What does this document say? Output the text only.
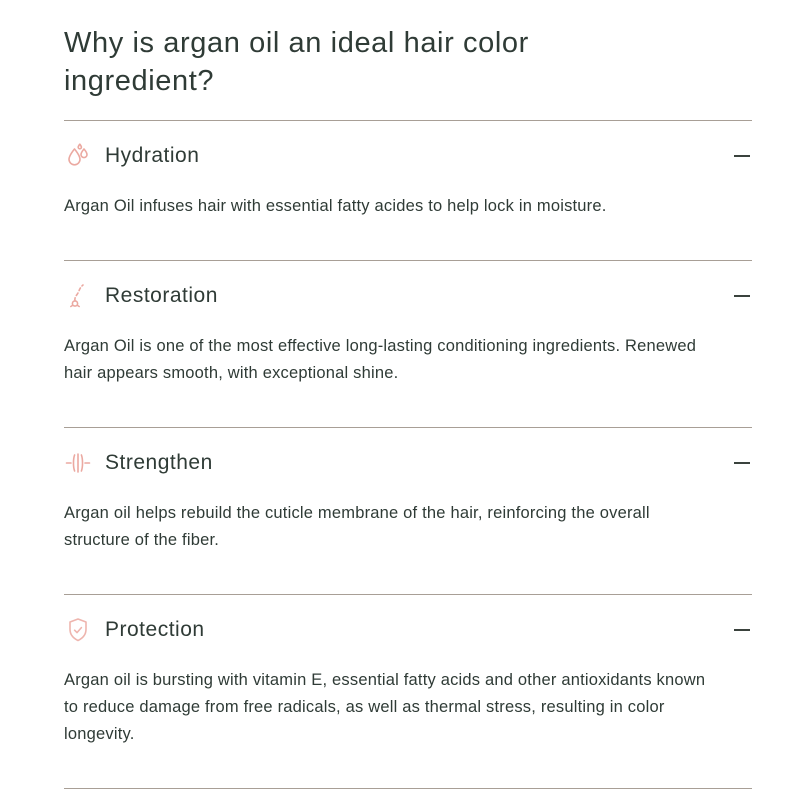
Why is argan oil an ideal hair color ingredient?
Hydration

Argan Oil infuses hair with essential fatty acides to help lock in moisture.

Restoration

Argan Oil is one of the most effective long-lasting conditioning ingredients. Renewed hair appears smooth, with exceptional shine.

Strengthen

Argan oil helps rebuild the cuticle membrane of the hair, reinforcing the overall structure of the fiber.

Protection

Argan oil is bursting with vitamin E, essential fatty acids and other antioxidants known to reduce damage from free radicals, as well as thermal stress, resulting in color longevity.
